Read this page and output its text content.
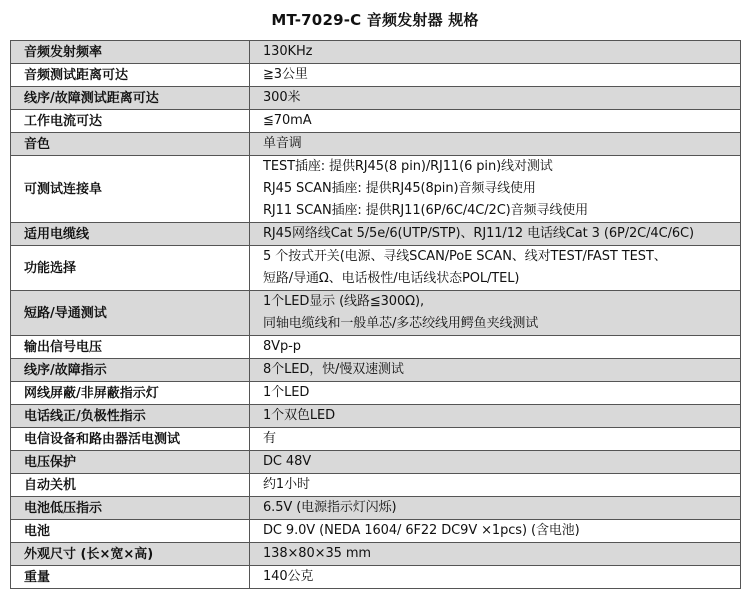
MT-7029-C 音频发射器 规格
音频发射频率	130KHz

音频测试距离可达	≧3公里

线序/故障测试距离可达	300米

工作电流可达	≦70mA

音色	单音调

可测试连接阜	TEST插座: 提供RJ45(8 pin)/RJ11(6 pin)线对测试
RJ45 SCAN插座: 提供RJ45(8pin)音频寻线使用
RJ11 SCAN插座: 提供RJ11(6P/6C/4C/2C)音频寻线使用

适用电缆线	RJ45网络线Cat 5/5e/6(UTP/STP)、RJ11/12 电话线Cat 3 (6P/2C/4C/6C)

功能选择	5 个按式开关(电源、寻线SCAN/PoE SCAN、线对TEST/FAST TEST、
短路/导通Ω、电话极性/电话线状态POL/TEL)

短路/导通测试	1个LED显示 (线路≦300Ω),
同轴电缆线和一般单芯/多芯绞线用鳄鱼夹线测试

输出信号电压	8Vp-p

线序/故障指示	8个LED，快/慢双速测试

网线屏蔽/非屏蔽指示灯	1个LED

电话线正/负极性指示	1个双色LED

电信设备和路由器活电测试	有

电压保护	DC 48V

自动关机	约1小时

电池低压指示	6.5V (电源指示灯闪烁)

电池	DC 9.0V (NEDA 1604/ 6F22 DC9V ×1pcs) (含电池)

外观尺寸 (长×宽×高)	138×80×35 mm

重量	140公克
